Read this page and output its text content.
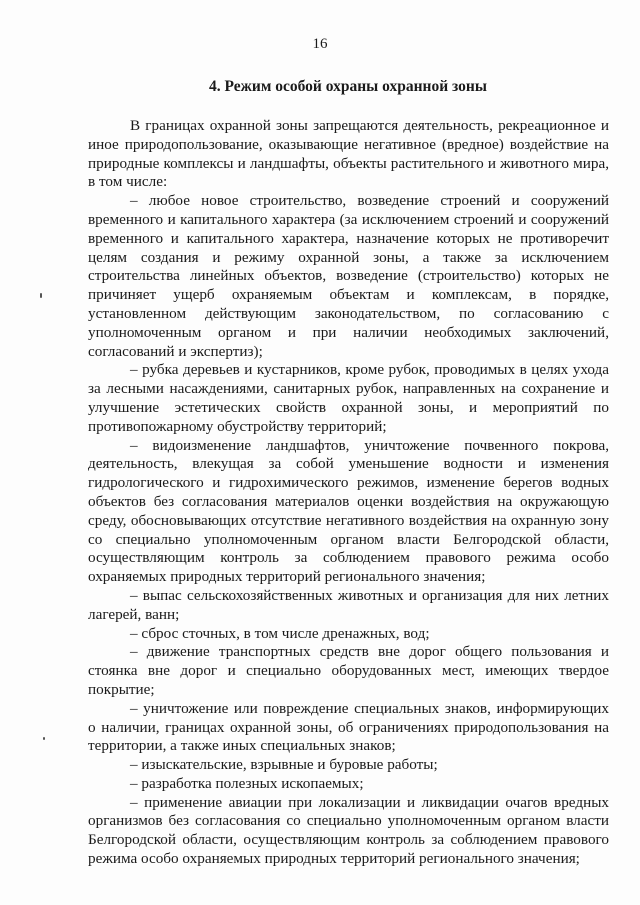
16
4. Режим особой охраны охранной зоны

В границах охранной зоны запрещаются деятельность, рекреационное и иное природопользование, оказывающие негативное (вредное) воздействие на природные комплексы и ландшафты, объекты растительного и животного мира, в том числе:

– любое новое строительство, возведение строений и сооружений временного и капитального характера (за исключением строений и сооружений временного и капитального характера, назначение которых не противоречит целям создания и режиму охранной зоны, а также за исключением строительства линейных объектов, возведение (строительство) которых не причиняет ущерб охраняемым объектам и комплексам, в порядке, установленном действующим законодательством, по согласованию с уполномоченным органом и при наличии необходимых заключений, согласований и экспертиз);

– рубка деревьев и кустарников, кроме рубок, проводимых в целях ухода за лесными насаждениями, санитарных рубок, направленных на сохранение и улучшение эстетических свойств охранной зоны, и мероприятий по противопожарному обустройству территорий;

– видоизменение ландшафтов, уничтожение почвенного покрова, деятельность, влекущая за собой уменьшение водности и изменения гидрологического и гидрохимического режимов, изменение берегов водных объектов без согласования материалов оценки воздействия на окружающую среду, обосновывающих отсутствие негативного воздействия на охранную зону со специально уполномоченным органом власти Белгородской области, осуществляющим контроль за соблюдением правового режима особо охраняемых природных территорий регионального значения;

– выпас сельскохозяйственных животных и организация для них летних лагерей, ванн;

– сброс сточных, в том числе дренажных, вод;

– движение транспортных средств вне дорог общего пользования и стоянка вне дорог и специально оборудованных мест, имеющих твердое покрытие;

– уничтожение или повреждение специальных знаков, информирующих о наличии, границах охранной зоны, об ограничениях природопользования на территории, а также иных специальных знаков;

– изыскательские, взрывные и буровые работы;

– разработка полезных ископаемых;

– применение авиации при локализации и ликвидации очагов вредных организмов без согласования со специально уполномоченным органом власти Белгородской области, осуществляющим контроль за соблюдением правового режима особо охраняемых природных территорий регионального значения;
